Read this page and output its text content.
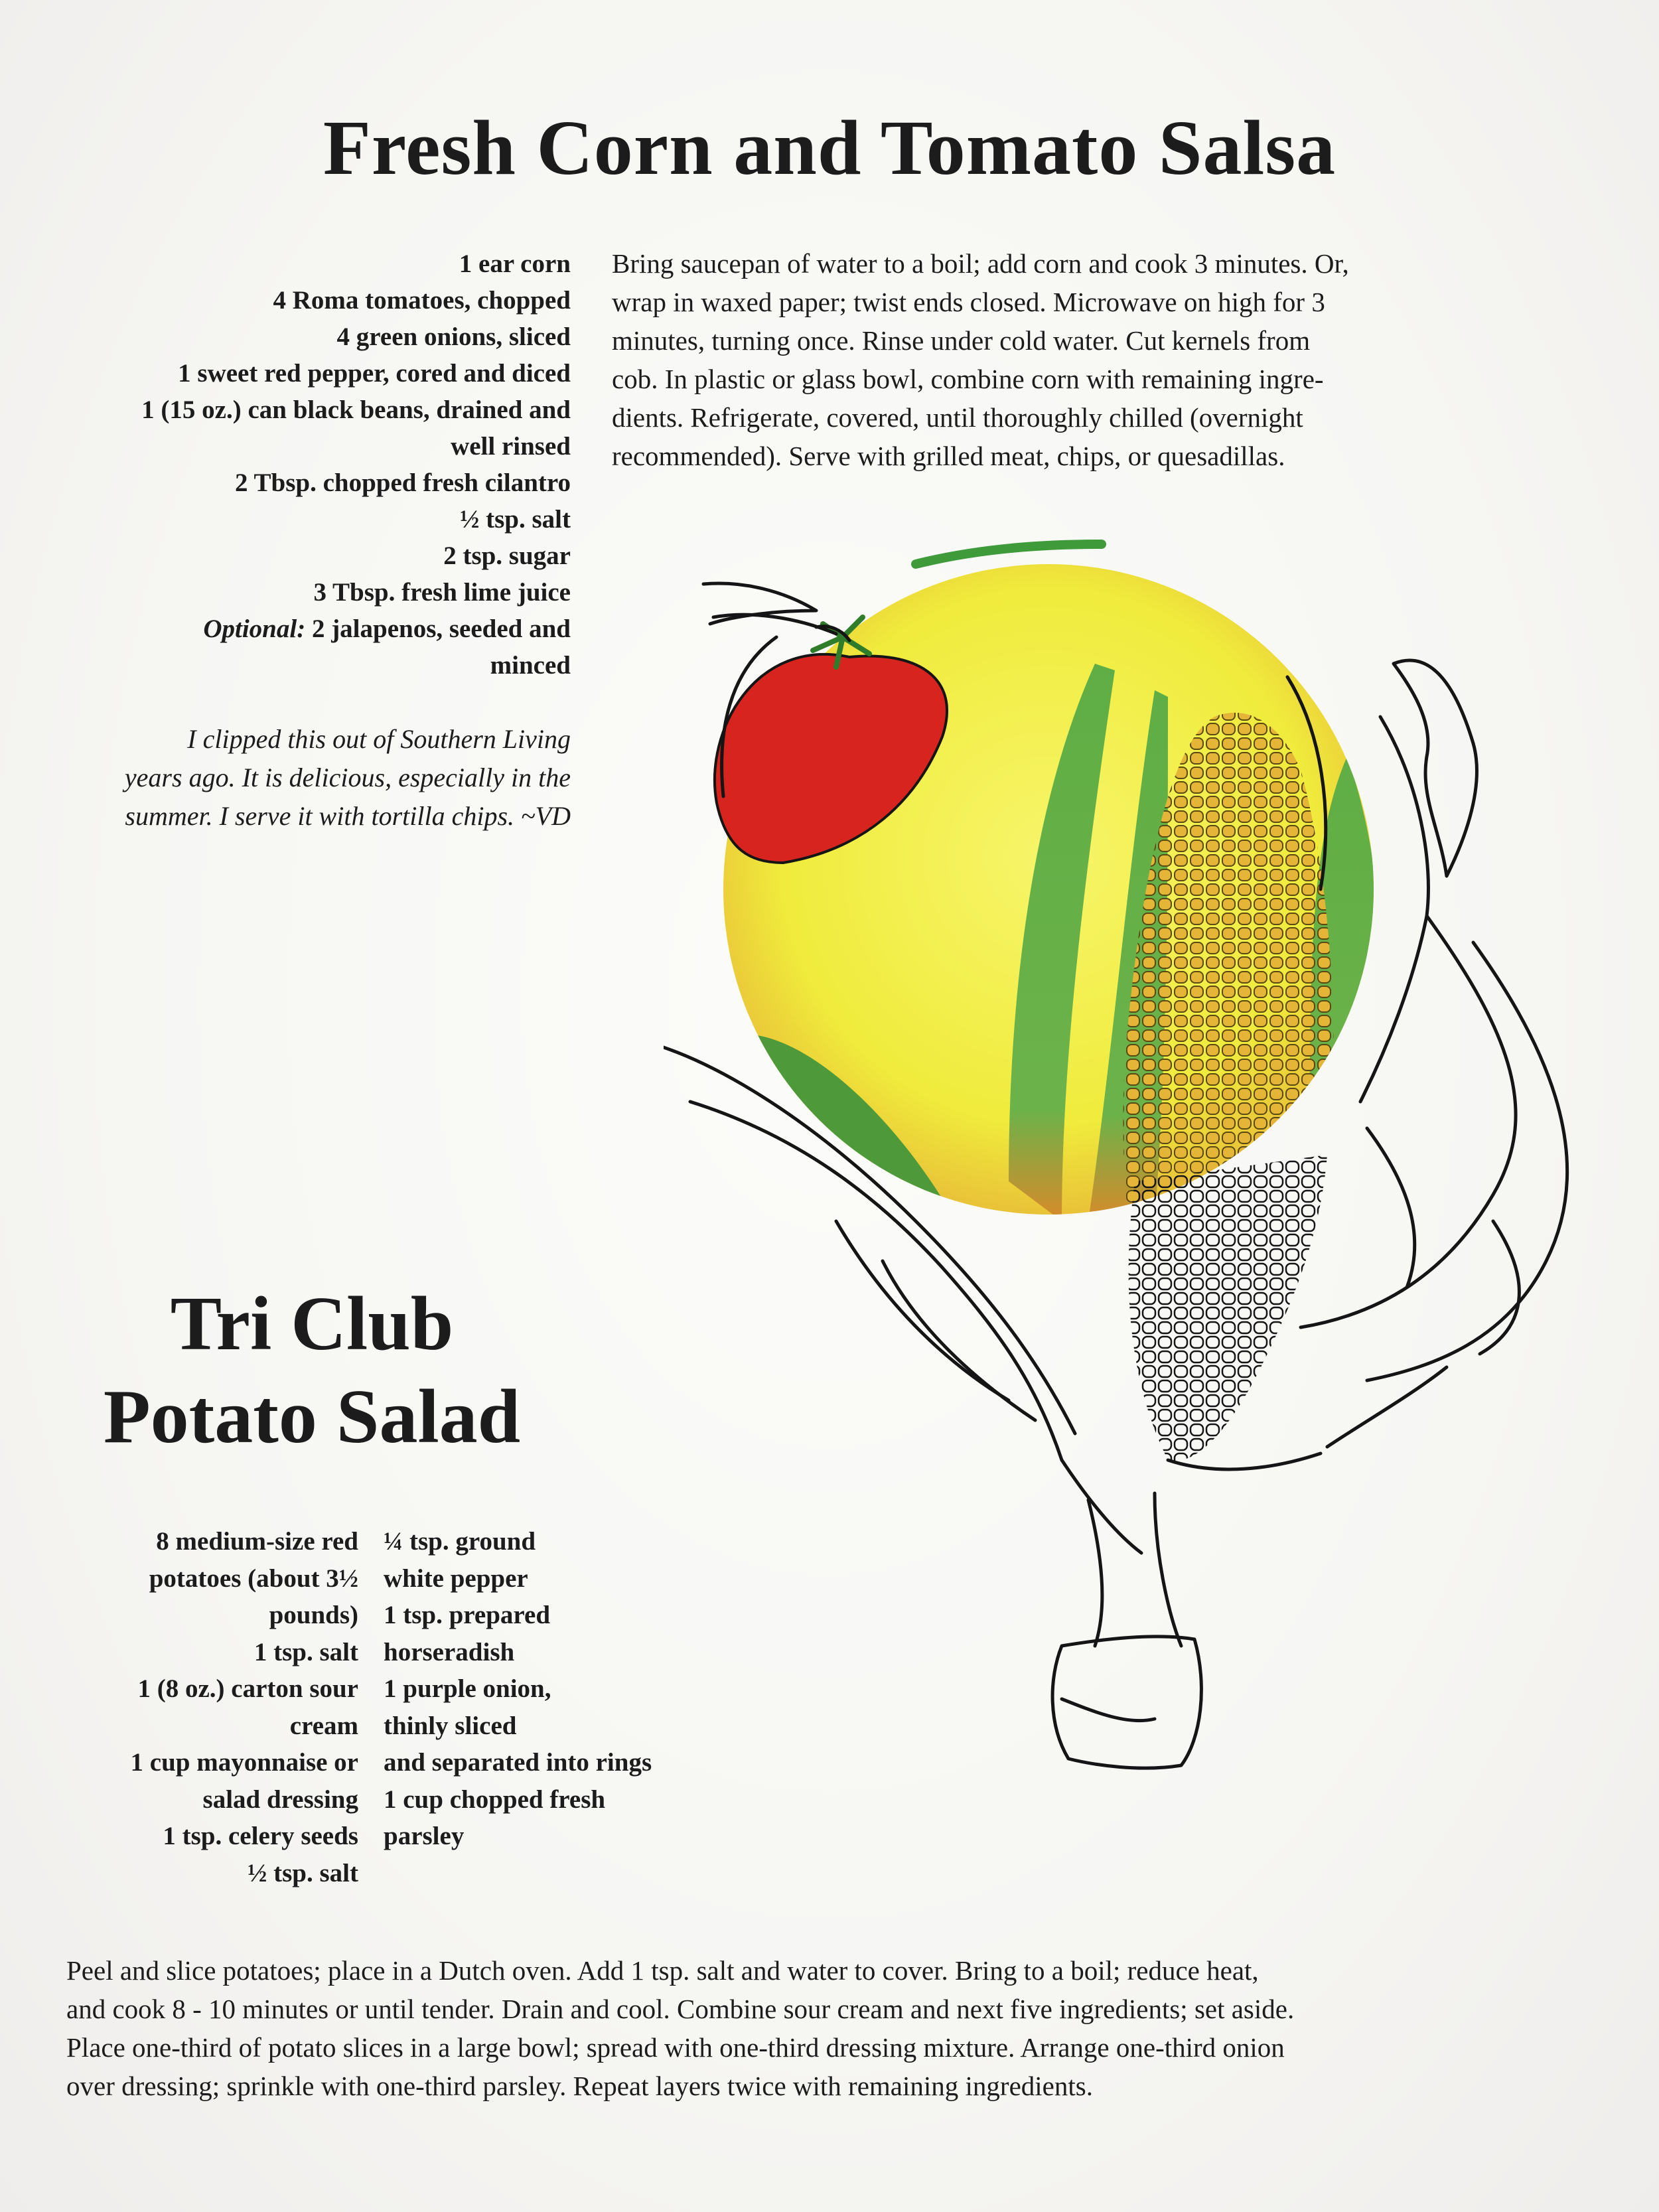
Fresh Corn and Tomato Salsa
1 ear corn
4 Roma tomatoes, chopped
4 green onions, sliced
1 sweet red pepper, cored and diced
1 (15 oz.) can black beans, drained and
well rinsed
2 Tbsp. chopped fresh cilantro
½ tsp. salt
2 tsp. sugar
3 Tbsp. fresh lime juice
Optional: 2 jalapenos, seeded and
minced
Bring saucepan of water to a boil; add corn and cook 3 minutes. Or,
wrap in waxed paper; twist ends closed. Microwave on high for 3
minutes, turning once. Rinse under cold water. Cut kernels from
cob. In plastic or glass bowl, combine corn with remaining ingre-
dients. Refrigerate, covered, until thoroughly chilled (overnight
recommended). Serve with grilled meat, chips, or quesadillas.
I clipped this out of Southern Living
years ago. It is delicious, especially in the
summer. I serve it with tortilla chips. ~VD
Tri Club
Potato Salad
8 medium-size red
potatoes (about 3½
pounds)
1 tsp. salt
1 (8 oz.) carton sour
cream
1 cup mayonnaise or
salad dressing
1 tsp. celery seeds
½ tsp. salt
¼ tsp. ground
white pepper
1 tsp. prepared
horseradish
1 purple onion,
thinly sliced
and separated into rings
1 cup chopped fresh
parsley
Peel and slice potatoes; place in a Dutch oven. Add 1 tsp. salt and water to cover. Bring to a boil; reduce heat,
and cook 8 - 10 minutes or until tender. Drain and cool. Combine sour cream and next five ingredients; set aside.
Place one-third of potato slices in a large bowl; spread with one-third dressing mixture. Arrange one-third onion
over dressing; sprinkle with one-third parsley. Repeat layers twice with remaining ingredients.
